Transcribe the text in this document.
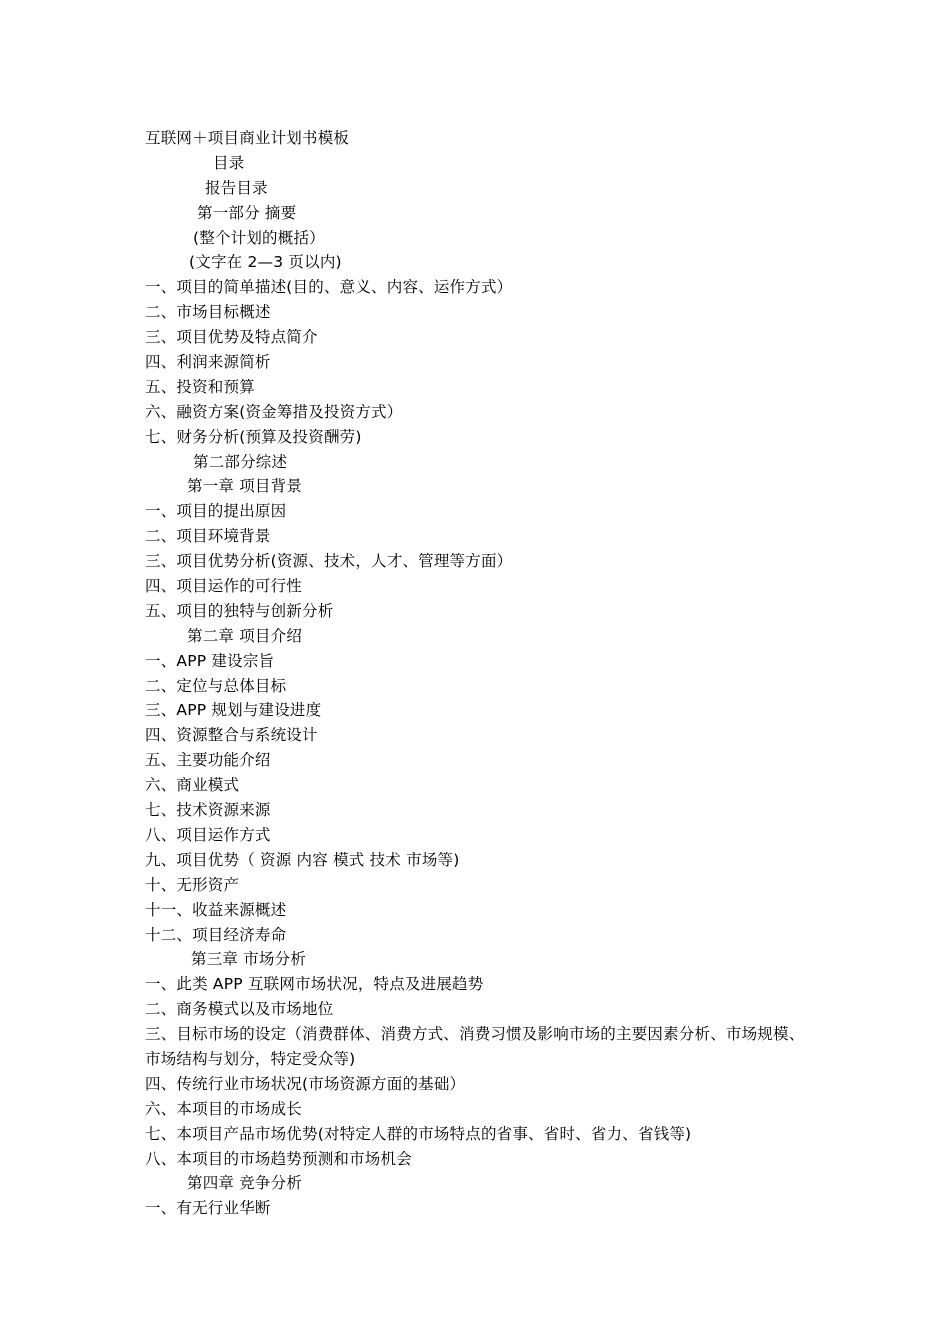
互联网＋项目商业计划书模板
目录
报告目录
第一部分 摘要
(整个计划的概括）
(文字在 2—3 页以内)
一、项目的简单描述(目的、意义、内容、运作方式）
二、市场目标概述
三、项目优势及特点简介
四、利润来源简析
五、投资和预算
六、融资方案(资金筹措及投资方式）
七、财务分析(预算及投资酬劳)
第二部分综述
第一章 项目背景
一、项目的提出原因
二、项目环境背景
三、项目优势分析(资源、技术，人才、管理等方面）
四、项目运作的可行性
五、项目的独特与创新分析
第二章 项目介绍
一、APP 建设宗旨
二、定位与总体目标
三、APP 规划与建设进度
四、资源整合与系统设计
五、主要功能介绍
六、商业模式
七、技术资源来源
八、项目运作方式
九、项目优势（ 资源 内容 模式 技术 市场等)
十、无形资产
十一、收益来源概述
十二、项目经济寿命
第三章 市场分析
一、此类 APP 互联网市场状况，特点及进展趋势
二、商务模式以及市场地位
三、目标市场的设定（消费群体、消费方式、消费习惯及影响市场的主要因素分析、市场规模、市场结构与划分，特定受众等)
四、传统行业市场状况(市场资源方面的基础）
六、本项目的市场成长
七、本项目产品市场优势(对特定人群的市场特点的省事、省时、省力、省钱等)
八、本项目的市场趋势预测和市场机会
第四章 竞争分析
一、有无行业华断
